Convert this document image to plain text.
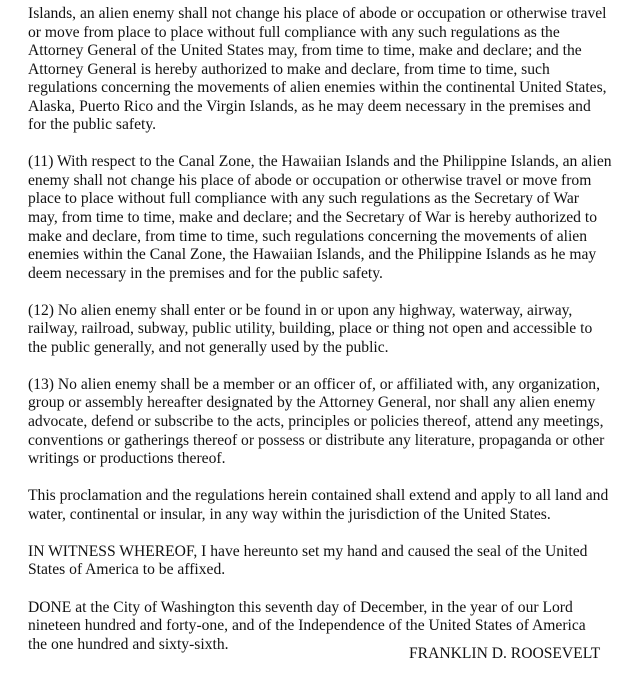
Islands, an alien enemy shall not change his place of abode or occupation or otherwise travel
or move from place to place without full compliance with any such regulations as the
Attorney General of the United States may, from time to time, make and declare; and the
Attorney General is hereby authorized to make and declare, from time to time, such
regulations concerning the movements of alien enemies within the continental United States,
Alaska, Puerto Rico and the Virgin Islands, as he may deem necessary in the premises and
for the public safety.

(11) With respect to the Canal Zone, the Hawaiian Islands and the Philippine Islands, an alien
enemy shall not change his place of abode or occupation or otherwise travel or move from
place to place without full compliance with any such regulations as the Secretary of War
may, from time to time, make and declare; and the Secretary of War is hereby authorized to
make and declare, from time to time, such regulations concerning the movements of alien
enemies within the Canal Zone, the Hawaiian Islands, and the Philippine Islands as he may
deem necessary in the premises and for the public safety.

(12) No alien enemy shall enter or be found in or upon any highway, waterway, airway,
railway, railroad, subway, public utility, building, place or thing not open and accessible to
the public generally, and not generally used by the public.

(13) No alien enemy shall be a member or an officer of, or affiliated with, any organization,
group or assembly hereafter designated by the Attorney General, nor shall any alien enemy
advocate, defend or subscribe to the acts, principles or policies thereof, attend any meetings,
conventions or gatherings thereof or possess or distribute any literature, propaganda or other
writings or productions thereof.

This proclamation and the regulations herein contained shall extend and apply to all land and
water, continental or insular, in any way within the jurisdiction of the United States.

IN WITNESS WHEREOF, I have hereunto set my hand and caused the seal of the United
States of America to be affixed.

DONE at the City of Washington this seventh day of December, in the year of our Lord
nineteen hundred and forty-one, and of the Independence of the United States of America
the one hundred and sixty-sixth.

FRANKLIN D. ROOSEVELT
